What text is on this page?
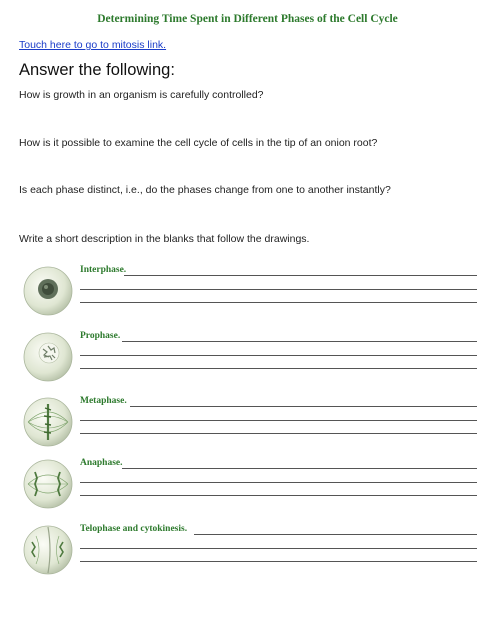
Determining Time Spent in Different Phases of the Cell Cycle
Touch here to go to mitosis link.
Answer the following:
How is growth in an organism is carefully controlled?
How is it possible to examine the cell cycle of cells in the tip of an onion root?
Is each phase distinct, i.e., do the phases change from one to another instantly?
Write a short description in the blanks that follow the drawings.
Interphase.
Prophase.
Metaphase.
Anaphase.
Telophase and cytokinesis.
